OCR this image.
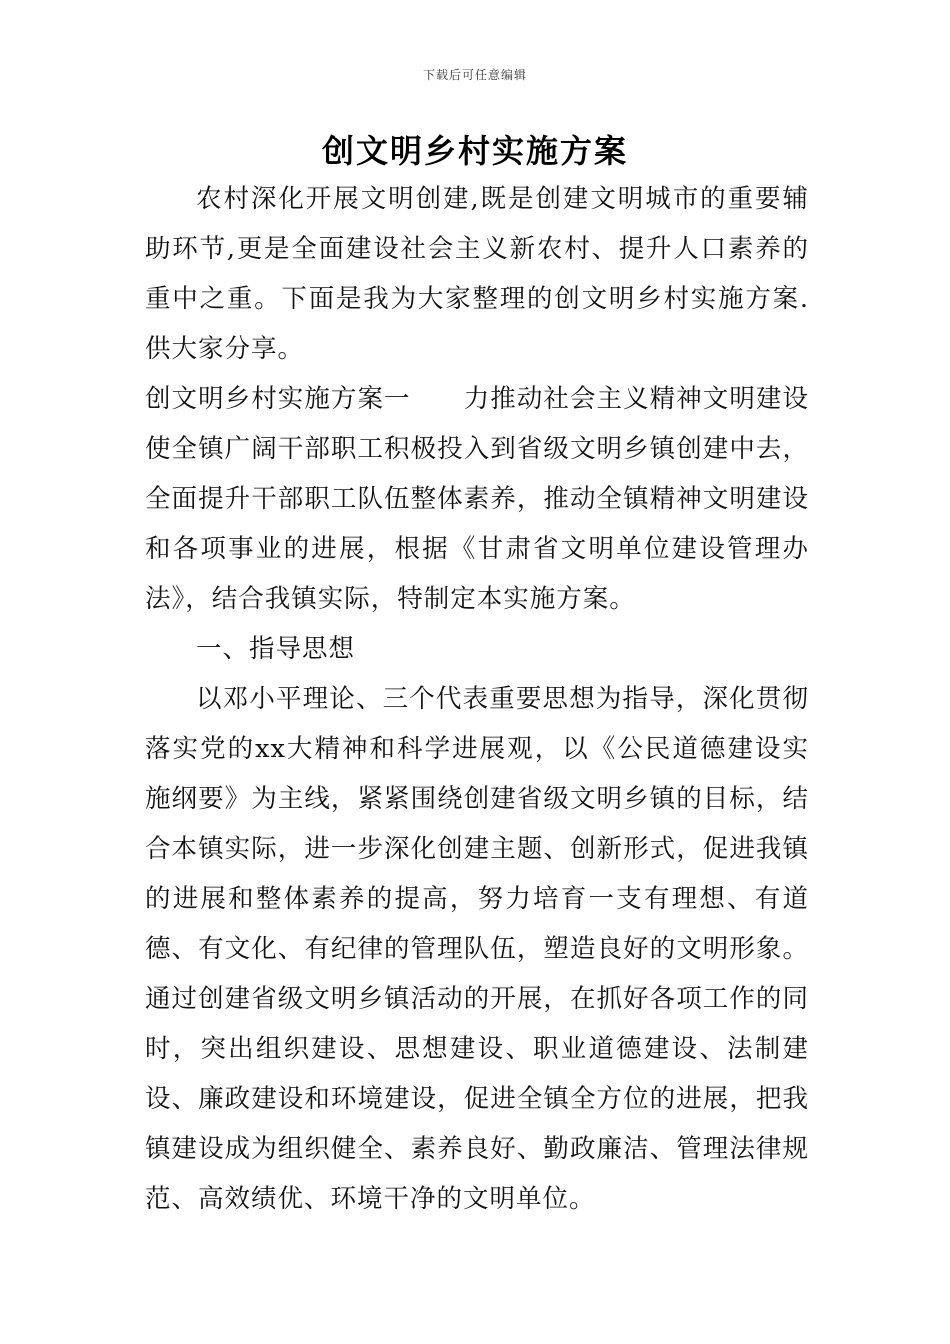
下载后可任意编辑
创文明乡村实施方案

农村深化开展文明创建,既是创建文明城市的重要辅助环节,更是全面建设社会主义新农村、提升人口素养的重中之重。下面是我为大家整理的创文明乡村实施方案.供大家分享。

创文明乡村实施方案一　　力推动社会主义精神文明建设使全镇广阔干部职工积极投入到省级文明乡镇创建中去，全面提升干部职工队伍整体素养，推动全镇精神文明建设和各项事业的进展，根据《甘肃省文明单位建设管理办法》，结合我镇实际，特制定本实施方案。

一、指导思想

以邓小平理论、三个代表重要思想为指导，深化贯彻落实党的xx大精神和科学进展观，以《公民道德建设实施纲要》为主线，紧紧围绕创建省级文明乡镇的目标，结合本镇实际，进一步深化创建主题、创新形式，促进我镇的进展和整体素养的提高，努力培育一支有理想、有道德、有文化、有纪律的管理队伍，塑造良好的文明形象。通过创建省级文明乡镇活动的开展，在抓好各项工作的同时，突出组织建设、思想建设、职业道德建设、法制建设、廉政建设和环境建设，促进全镇全方位的进展，把我镇建设成为组织健全、素养良好、勤政廉洁、管理法律规范、高效绩优、环境干净的文明单位。
